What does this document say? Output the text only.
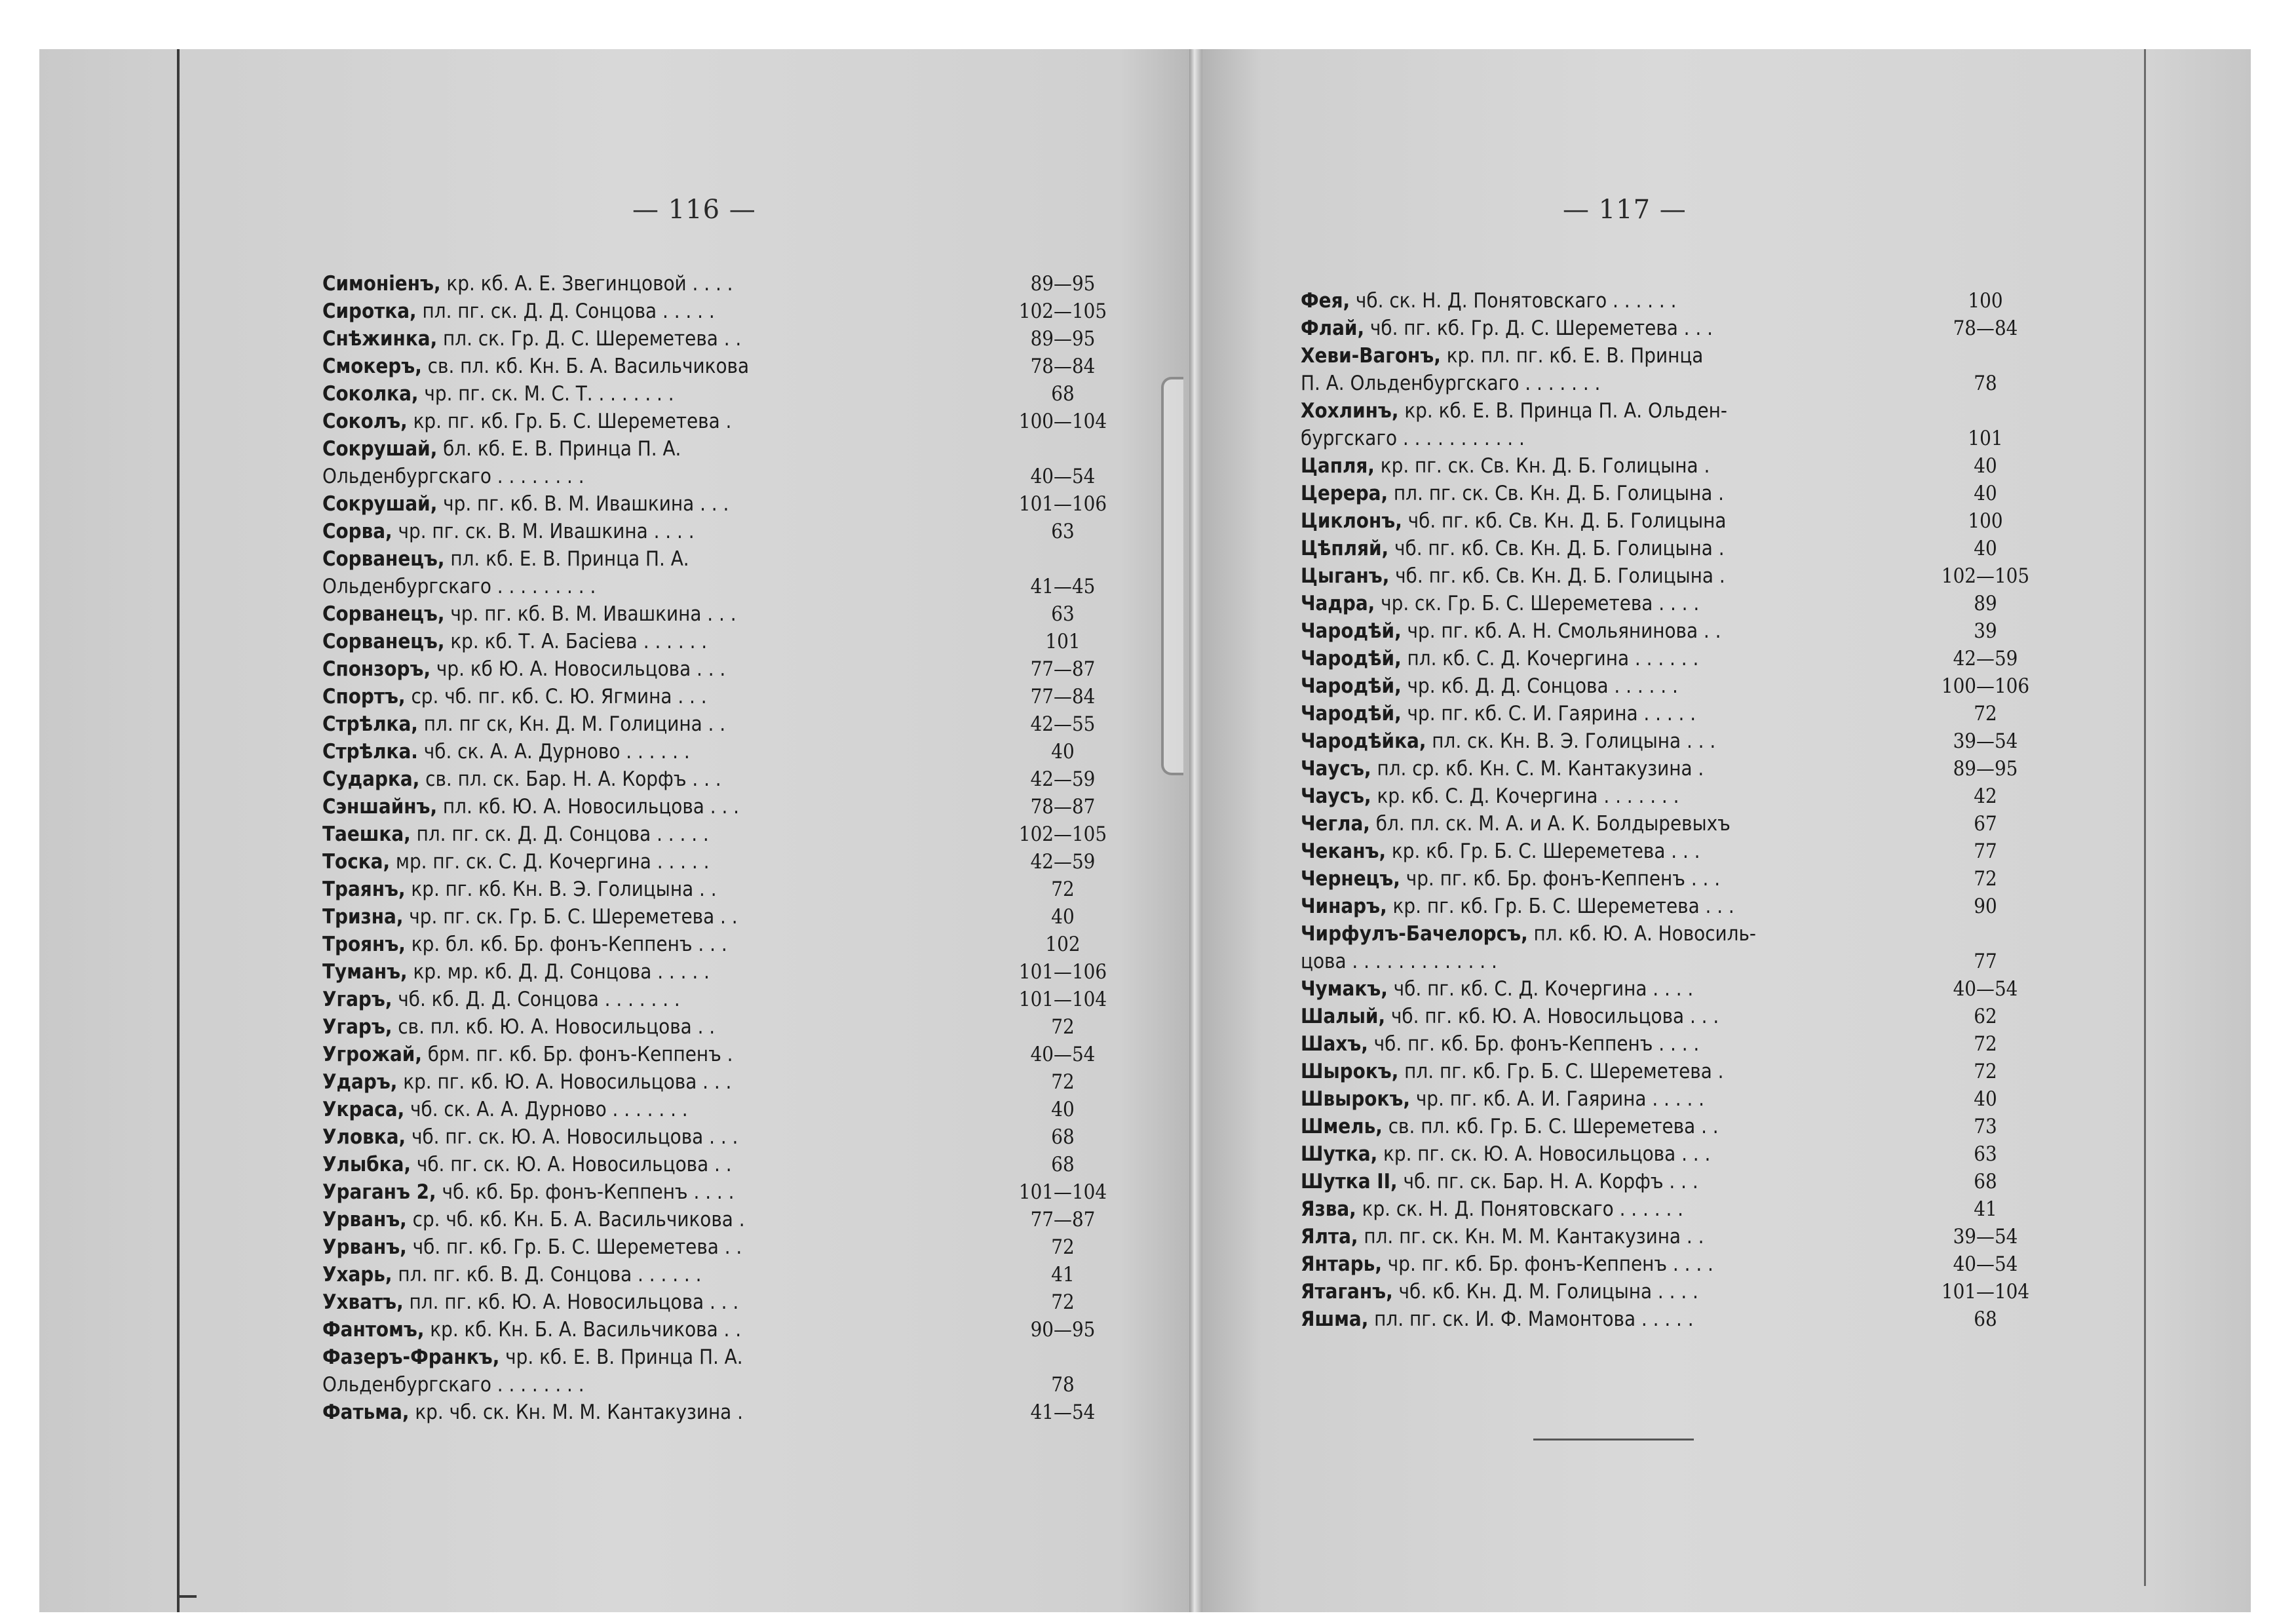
— 116 —
Симоніенъ, кр. кб. А. Е. Звегинцовой . . . .	89—95
Сиротка, пл. пг. ск. Д. Д. Сонцова . . . . .	102—105
Снѣжинка, пл. ск. Гр. Д. С. Шереметева . .	89—95
Смокеръ, св. пл. кб. Кн. Б. А. Васильчикова	78—84
Соколка, чр. пг. ск. М. С. Т. . . . . . . .	68
Соколъ, кр. пг. кб. Гр. Б. С. Шереметева .	100—104
Сокрушай, бл. кб. Е. В. Принца П. А.
Ольденбургскаго . . . . . . . .	40—54
Сокрушай, чр. пг. кб. В. М. Ивашкина . . .	101—106
Сорва, чр. пг. ск. В. М. Ивашкина . . . .	63
Сорванецъ, пл. кб. Е. В. Принца П. А.
Ольденбургскаго . . . . . . . . .	41—45
Сорванецъ, чр. пг. кб. В. М. Ивашкина . . .	63
Сорванецъ, кр. кб. Т. А. Басіева . . . . . .	101
Спонзоръ, чр. кб Ю. А. Новосильцова . . .	77—87
Спортъ, ср. чб. пг. кб. С. Ю. Ягмина . . .	77—84
Стрѣлка, пл. пг ск, Кн. Д. М. Голицина . .	42—55
Стрѣлка. чб. ск. А. А. Дурново . . . . . .	40
Сударка, св. пл. ск. Бар. Н. А. Корфъ . . .	42—59
Сэншайнъ, пл. кб. Ю. А. Новосильцова . . .	78—87
Таешка, пл. пг. ск. Д. Д. Сонцова . . . . .	102—105
Тоска, мр. пг. ск. С. Д. Кочергина . . . . .	42—59
Траянъ, кр. пг. кб. Кн. В. Э. Голицына . .	72
Тризна, чр. пг. ск. Гр. Б. С. Шереметева . .	40
Троянъ, кр. бл. кб. Бр. фонъ-Кеппенъ . . .	102
Туманъ, кр. мр. кб. Д. Д. Сонцова . . . . .	101—106
Угаръ, чб. кб. Д. Д. Сонцова . . . . . . .	101—104
Угаръ, св. пл. кб. Ю. А. Новосильцова . .	72
Угрожай, брм. пг. кб. Бр. фонъ-Кеппенъ .	40—54
Ударъ, кр. пг. кб. Ю. А. Новосильцова . . .	72
Украса, чб. ск. А. А. Дурново . . . . . . .	40
Уловка, чб. пг. ск. Ю. А. Новосильцова . . .	68
Улыбка, чб. пг. ск. Ю. А. Новосильцова . .	68
Ураганъ 2, чб. кб. Бр. фонъ-Кеппенъ . . . .	101—104
Урванъ, ср. чб. кб. Кн. Б. А. Васильчикова .	77—87
Урванъ, чб. пг. кб. Гр. Б. С. Шереметева . .	72
Ухарь, пл. пг. кб. В. Д. Сонцова . . . . . .	41
Ухватъ, пл. пг. кб. Ю. А. Новосильцова . . .	72
Фантомъ, кр. кб. Кн. Б. А. Васильчикова . .	90—95
Фазеръ-Франкъ, чр. кб. Е. В. Принца П. А.
Ольденбургскаго . . . . . . . .	78
Фатьма, кр. чб. ск. Кн. М. М. Кантакузина .	41—54
— 117 —
Фея, чб. ск. Н. Д. Понятовскаго . . . . . .	100
Флай, чб. пг. кб. Гр. Д. С. Шереметева . . .	78—84
Хеви-Вагонъ, кр. пл. пг. кб. Е. В. Принца
П. А. Ольденбургскаго . . . . . . .	78
Хохлинъ, кр. кб. Е. В. Принца П. А. Ольден-
бургскаго . . . . . . . . . . .	101
Цапля, кр. пг. ск. Св. Кн. Д. Б. Голицына .	40
Церера, пл. пг. ск. Св. Кн. Д. Б. Голицына .	40
Циклонъ, чб. пг. кб. Св. Кн. Д. Б. Голицына	100
Цѣпляй, чб. пг. кб. Св. Кн. Д. Б. Голицына .	40
Цыганъ, чб. пг. кб. Св. Кн. Д. Б. Голицына .	102—105
Чадра, чр. ск. Гр. Б. С. Шереметева . . . .	89
Чародѣй, чр. пг. кб. А. Н. Смольянинова . .	39
Чародѣй, пл. кб. С. Д. Кочергина . . . . . .	42—59
Чародѣй, чр. кб. Д. Д. Сонцова . . . . . .	100—106
Чародѣй, чр. пг. кб. С. И. Гаярина . . . . .	72
Чародѣйка, пл. ск. Кн. В. Э. Голицына . . .	39—54
Чаусъ, пл. ср. кб. Кн. С. М. Кантакузина .	89—95
Чаусъ, кр. кб. С. Д. Кочергина . . . . . . .	42
Чегла, бл. пл. ск. М. А. и А. К. Болдыревыхъ	67
Чеканъ, кр. кб. Гр. Б. С. Шереметева . . .	77
Чернецъ, чр. пг. кб. Бр. фонъ-Кеппенъ . . .	72
Чинаръ, кр. пг. кб. Гр. Б. С. Шереметева . . .	90
Чирфулъ-Бачелорсъ, пл. кб. Ю. А. Новосиль-
цова . . . . . . . . . . . . .	77
Чумакъ, чб. пг. кб. С. Д. Кочергина . . . .	40—54
Шалый, чб. пг. кб. Ю. А. Новосильцова . . .	62
Шахъ, чб. пг. кб. Бр. фонъ-Кеппенъ . . . .	72
Шырокъ, пл. пг. кб. Гр. Б. С. Шереметева .	72
Швырокъ, чр. пг. кб. А. И. Гаярина . . . . .	40
Шмель, св. пл. кб. Гр. Б. С. Шереметева . .	73
Шутка, кр. пг. ск. Ю. А. Новосильцова . . .	63
Шутка II, чб. пг. ск. Бар. Н. А. Корфъ . . .	68
Язва, кр. ск. Н. Д. Понятовскаго . . . . . .	41
Ялта, пл. пг. ск. Кн. М. М. Кантакузина . .	39—54
Янтарь, чр. пг. кб. Бр. фонъ-Кеппенъ . . . .	40—54
Ятаганъ, чб. кб. Кн. Д. М. Голицына . . . .	101—104
Яшма, пл. пг. ск. И. Ф. Мамонтова . . . . .	68
